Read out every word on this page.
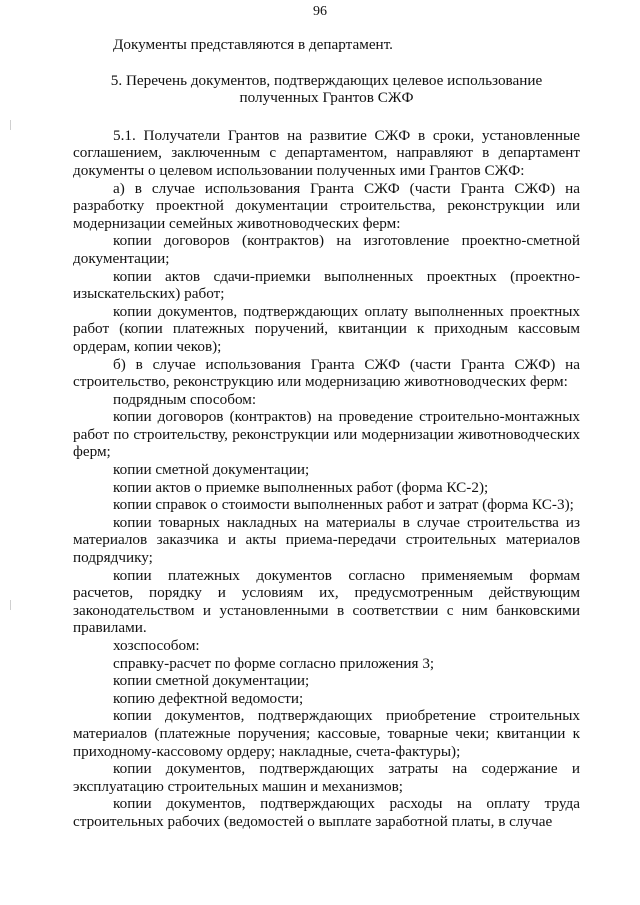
96

Документы представляются в департамент.

5. Перечень документов, подтверждающих целевое использование
полученных Грантов СЖФ

5.1. Получатели Грантов на развитие СЖФ в сроки, установленные соглашением, заключенным с департаментом, направляют в департамент документы о целевом использовании полученных ими Грантов СЖФ:

а) в случае использования Гранта СЖФ (части Гранта СЖФ) на разработку проектной документации строительства, реконструкции или модернизации семейных животноводческих ферм:

копии договоров (контрактов) на изготовление проектно-сметной документации;

копии актов сдачи-приемки выполненных проектных (проектно-изыскательских) работ;

копии документов, подтверждающих оплату выполненных проектных работ (копии платежных поручений, квитанции к приходным кассовым ордерам, копии чеков);

б) в случае использования Гранта СЖФ (части Гранта СЖФ) на строительство, реконструкцию или модернизацию животноводческих ферм:

подрядным способом:

копии договоров (контрактов) на проведение строительно-монтажных работ по строительству, реконструкции или модернизации животноводческих ферм;

копии сметной документации;

копии актов о приемке выполненных работ (форма КС-2);

копии справок о стоимости выполненных работ и затрат (форма КС-3);

копии товарных накладных на материалы в случае строительства из материалов заказчика и акты приема-передачи строительных материалов подрядчику;

копии платежных документов согласно применяемым формам расчетов, порядку и условиям их, предусмотренным действующим законодательством и установленными в соответствии с ним банковскими правилами.

хозспособом:

справку-расчет по форме согласно приложения 3;

копии сметной документации;

копию дефектной ведомости;

копии документов, подтверждающих приобретение строительных материалов (платежные поручения; кассовые, товарные чеки; квитанции к приходному-кассовому ордеру; накладные, счета-фактуры);

копии документов, подтверждающих затраты на содержание и эксплуатацию строительных машин и механизмов;

копии документов, подтверждающих расходы на оплату труда строительных рабочих (ведомостей о выплате заработной платы, в случае
